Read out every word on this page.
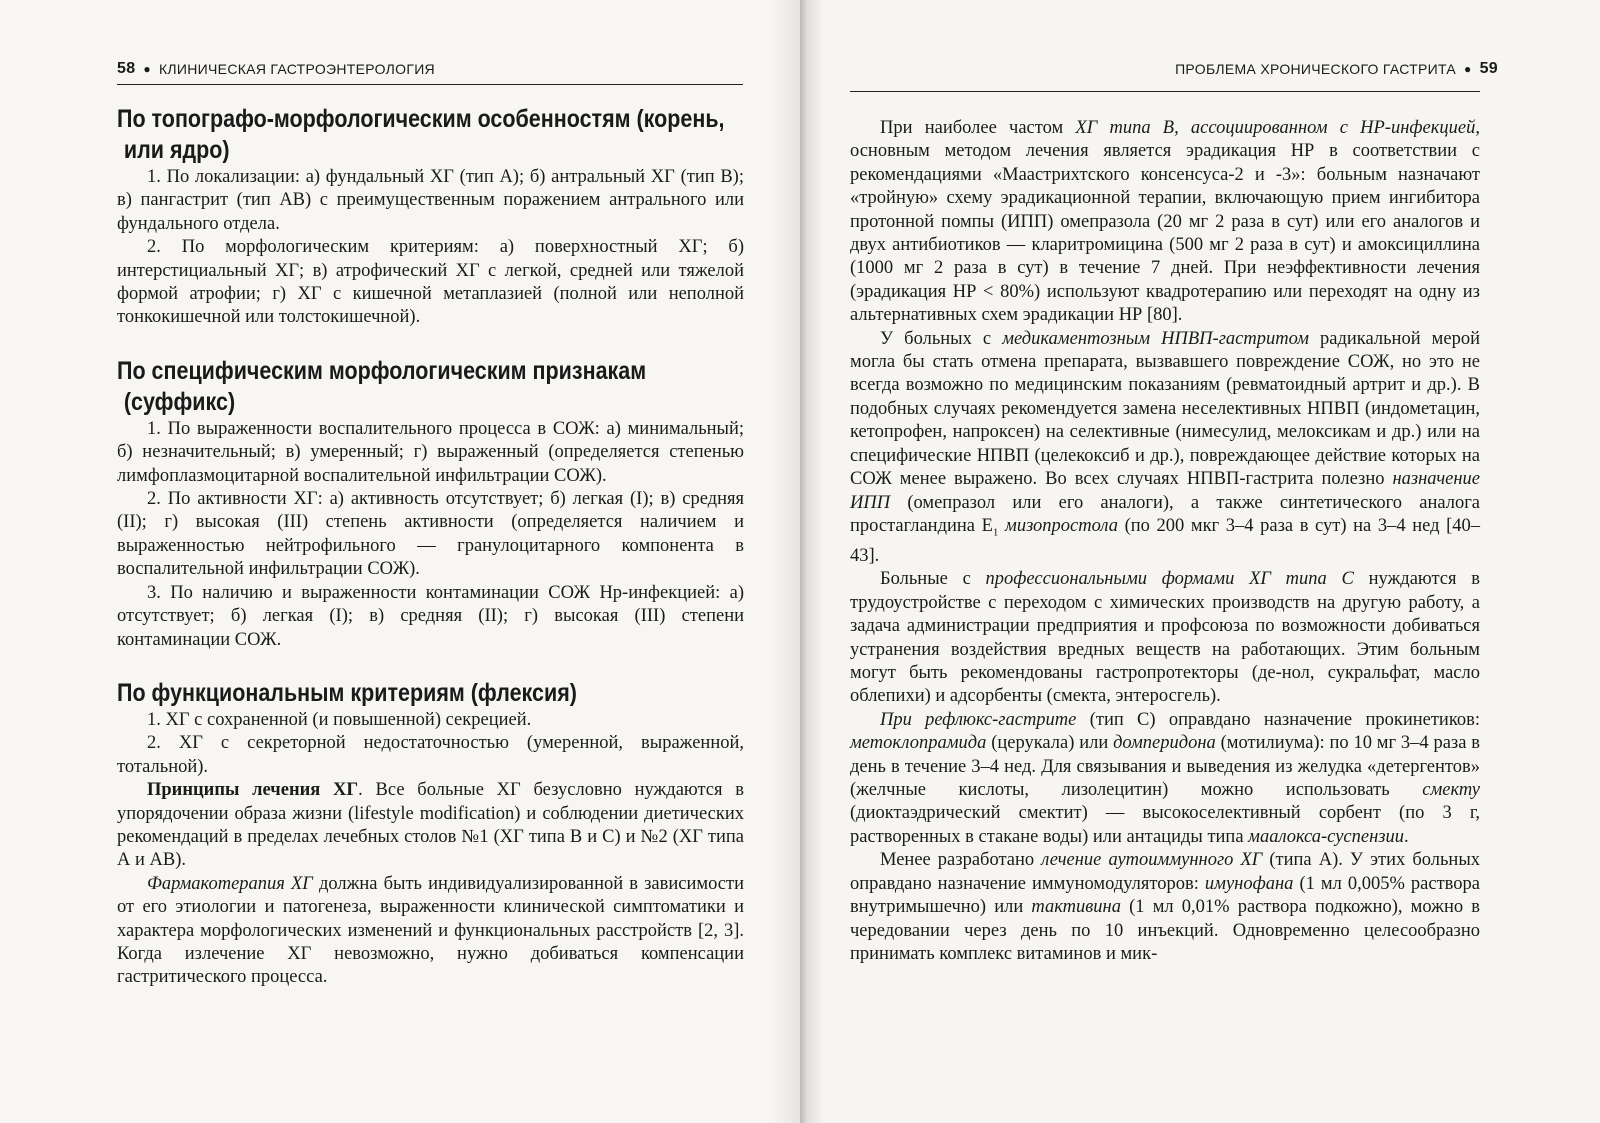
58 ● КЛИНИЧЕСКАЯ ГАСТРОЭНТЕРОЛОГИЯ	ПРОБЛЕМА ХРОНИЧЕСКОГО ГАСТРИТА ● 59
По топографо-морфологическим особенностям (корень,
или ядро)

1. По локализации: а) фундальный ХГ (тип А); б) антральный ХГ (тип В); в) пангастрит (тип АВ) с преимущественным поражением антрального или фундального отдела.

2. По морфологическим критериям: а) поверхностный ХГ; б) интерстициальный ХГ; в) атрофический ХГ с легкой, средней или тяжелой формой атрофии; г) ХГ с кишечной метаплазией (полной или неполной тонкокишечной или толстокишечной).

По специфическим морфологическим признакам
(суффикс)

1. По выраженности воспалительного процесса в СОЖ: а) минимальный; б) незначительный; в) умеренный; г) выраженный (определяется степенью лимфоплазмоцитарной воспалительной инфильтрации СОЖ).

2. По активности ХГ: а) активность отсутствует; б) легкая (I); в) средняя (II); г) высокая (III) степень активности (определяется наличием и выраженностью нейтрофильного — гранулоцитарного компонента в воспалительной инфильтрации СОЖ).

3. По наличию и выраженности контаминации СОЖ Нр-инфекцией: а) отсутствует; б) легкая (I); в) средняя (II); г) высокая (III) степени контаминации СОЖ.

По функциональным критериям (флексия)

1. ХГ с сохраненной (и повышенной) секрецией.

2. ХГ с секреторной недостаточностью (умеренной, выраженной, тотальной).

Принципы лечения ХГ. Все больные ХГ безусловно нуждаются в упорядочении образа жизни (lifestyle modification) и соблюдении диетических рекомендаций в пределах лечебных столов №1 (ХГ типа В и С) и №2 (ХГ типа А и АВ).

Фармакотерапия ХГ должна быть индивидуализированной в зависимости от его этиологии и патогенеза, выраженности клинической симптоматики и характера морфологических изменений и функциональных расстройств [2, 3]. Когда излечение ХГ невозможно, нужно добиваться компенсации гастритического процесса.

При наиболее частом ХГ типа В, ассоциированном с НР-инфекцией, основным методом лечения является эрадикация НР в соответствии с рекомендациями «Маастрихтского консенсуса-2 и -3»: больным назначают «тройную» схему эрадикационной терапии, включающую прием ингибитора протонной помпы (ИПП) омепразола (20 мг 2 раза в сут) или его аналогов и двух антибиотиков — кларитромицина (500 мг 2 раза в сут) и амоксициллина (1000 мг 2 раза в сут) в течение 7 дней. При неэффективности лечения (эрадикация НР < 80%) используют квадротерапию или переходят на одну из альтернативных схем эрадикации НР [80].

У больных с медикаментозным НПВП-гастритом радикальной мерой могла бы стать отмена препарата, вызвавшего повреждение СОЖ, но это не всегда возможно по медицинским показаниям (ревматоидный артрит и др.). В подобных случаях рекомендуется замена неселективных НПВП (индометацин, кетопрофен, напроксен) на селективные (нимесулид, мелоксикам и др.) или на специфические НПВП (целекоксиб и др.), повреждающее действие которых на СОЖ менее выражено. Во всех случаях НПВП-гастрита полезно назначение ИПП (омепразол или его аналоги), а также синтетического аналога простагландина $E_1$ мизопростола (по 200 мкг 3–4 раза в сут) на 3–4 нед [40–43].

Больные с профессиональными формами ХГ типа С нуждаются в трудоустройстве с переходом с химических производств на другую работу, а задача администрации предприятия и профсоюза по возможности добиваться устранения воздействия вредных веществ на работающих. Этим больным могут быть рекомендованы гастропротекторы (де-нол, сукральфат, масло облепихи) и адсорбенты (смекта, энтеросгель).

При рефлюкс-гастрите (тип С) оправдано назначение прокинетиков: метоклопрамида (церукала) или домперидона (мотилиума): по 10 мг 3–4 раза в день в течение 3–4 нед. Для связывания и выведения из желудка «детергентов» (желчные кислоты, лизолецитин) можно использовать смекту (диоктаэдрический смектит) — высокоселективный сорбент (по 3 г, растворенных в стакане воды) или антациды типа маалокса-суспензии.

Менее разработано лечение аутоиммунного ХГ (типа А). У этих больных оправдано назначение иммуномодуляторов: имунофана (1 мл 0,005% раствора внутримышечно) или тактивина (1 мл 0,01% раствора подкожно), можно в чередовании через день по 10 инъекций. Одновременно целесообразно принимать комплекс витаминов и мик-
